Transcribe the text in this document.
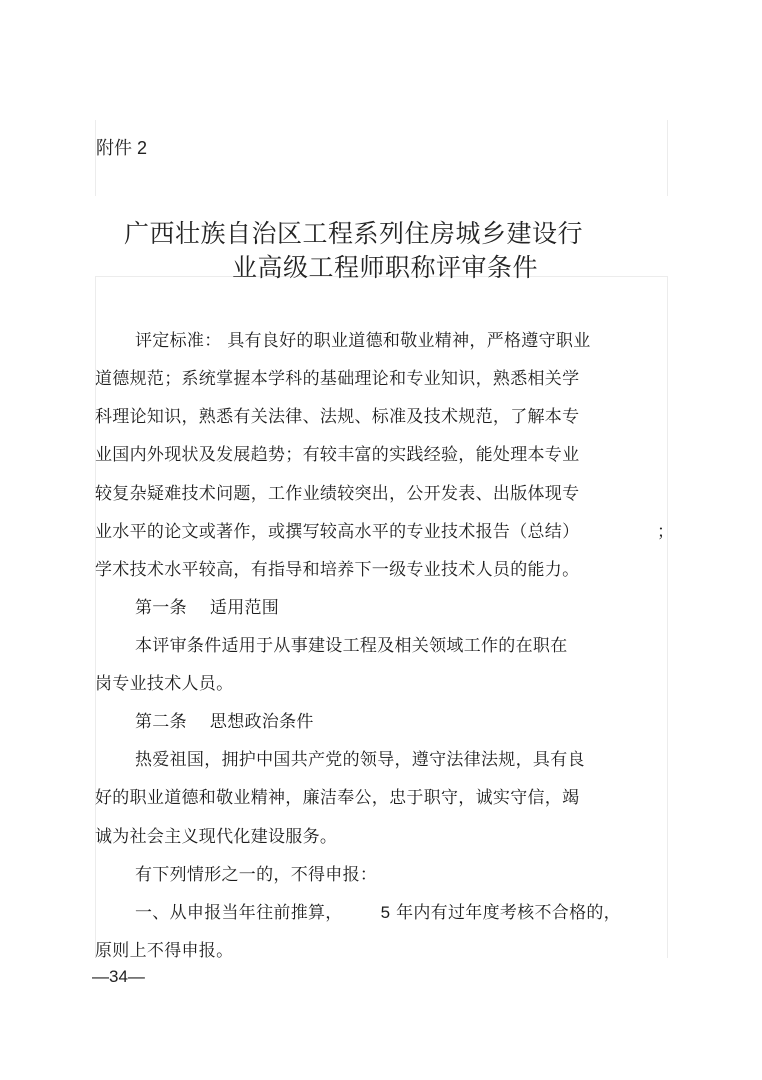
附件 2
广西壮族自治区工程系列住房城乡建设行
业高级工程师职称评审条件
评定标准： 具有良好的职业道德和敬业精神，严格遵守职业
道德规范；系统掌握本学科的基础理论和专业知识，熟悉相关学
科理论知识，熟悉有关法律、法规、标准及技术规范，了解本专
业国内外现状及发展趋势；有较丰富的实践经验，能处理本专业
较复杂疑难技术问题，工作业绩较突出，公开发表、出版体现专
业水平的论文或著作，或撰写较高水平的专业技术报告（总结）	；
学术技术水平较高，有指导和培养下一级专业技术人员的能力。
第一条　 适用范围
本评审条件适用于从事建设工程及相关领域工作的在职在
岗专业技术人员。
第二条　 思想政治条件
热爱祖国，拥护中国共产党的领导，遵守法律法规，具有良
好的职业道德和敬业精神，廉洁奉公，忠于职守，诚实守信，竭
诚为社会主义现代化建设服务。
有下列情形之一的，不得申报：
一、从申报当年往前推算， 5 年内有过年度考核不合格的，
原则上不得申报。
—34—
